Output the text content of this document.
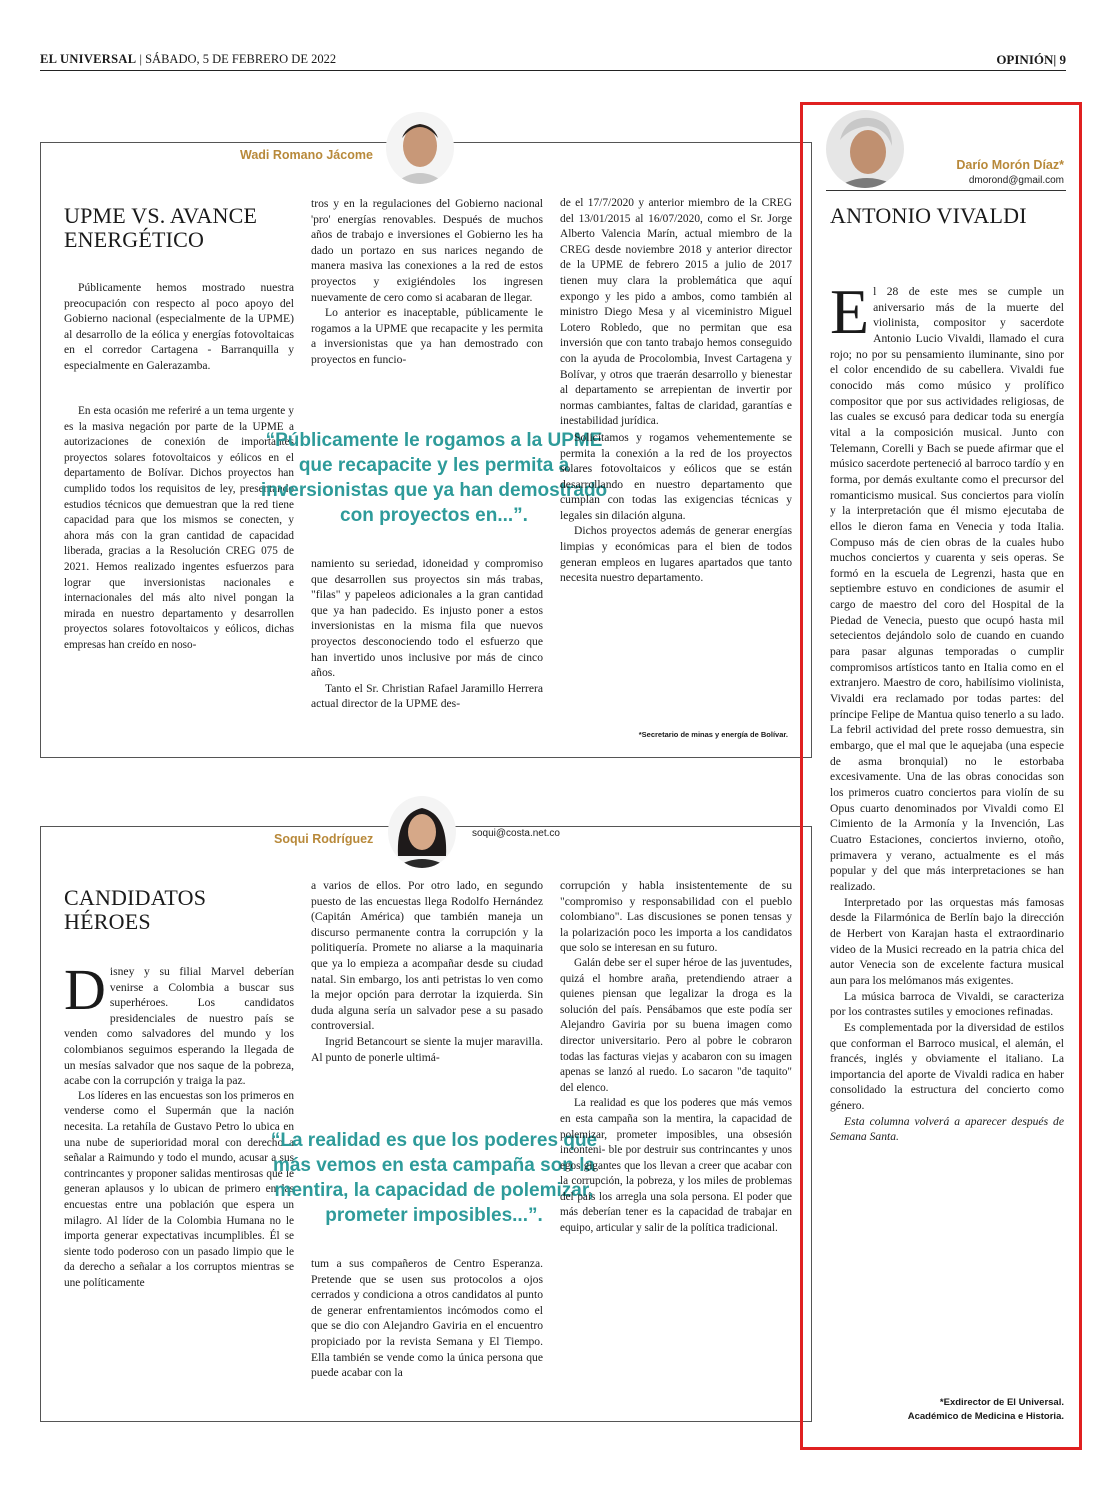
EL UNIVERSAL | SÁBADO, 5 DE FEBRERO DE 2022	OPINIÓN| 9
Wadi Romano Jácome
UPME VS. AVANCE ENERGÉTICO

Públicamente hemos mostrado nuestra preocupación con respecto al poco apoyo del Gobierno nacional (especialmente de la UPME) al desarrollo de la eólica y energías fotovoltaicas en el corredor Cartagena - Barranquilla y especialmente en Galerazamba.

En esta ocasión me referiré a un tema urgente y es la masiva negación por parte de la UPME a autorizaciones de conexión de importantes proyectos solares fotovoltaicos y eólicos en el departamento de Bolívar. Dichos proyectos han cumplido todos los requisitos de ley, presentando estudios técnicos que demuestran que la red tiene capacidad para que los mismos se conecten, y ahora más con la gran cantidad de capacidad liberada, gracias a la Resolución CREG 075 de 2021. Hemos realizado ingentes esfuerzos para lograr que inversionistas nacionales e internacionales del más alto nivel pongan la mirada en nuestro departamento y desarrollen proyectos solares fotovoltaicos y eólicos, dichas empresas han creído en noso-

tros y en la regulaciones del Gobierno nacional 'pro' energías renovables. Después de muchos años de trabajo e inversiones el Gobierno les ha dado un portazo en sus narices negando de manera masiva las conexiones a la red de estos proyectos y exigiéndoles los ingresen nuevamente de cero como si acabaran de llegar.

Lo anterior es inaceptable, públicamente le rogamos a la UPME que recapacite y les permita a inversionistas que ya han demostrado con proyectos en funcio-

“Públicamente le rogamos a la UPME que recapacite y les permita a inversionistas que ya han demostrado con proyectos en...”.

namiento su seriedad, idoneidad y compromiso que desarrollen sus proyectos sin más trabas, "filas" y papeleos adicionales a la gran cantidad que ya han padecido. Es injusto poner a estos inversionistas en la misma fila que nuevos proyectos desconociendo todo el esfuerzo que han invertido unos inclusive por más de cinco años.

Tanto el Sr. Christian Rafael Jaramillo Herrera actual director de la UPME des-

de el 17/7/2020 y anterior miembro de la CREG del 13/01/2015 al 16/07/2020, como el Sr. Jorge Alberto Valencia Marín, actual miembro de la CREG desde noviembre 2018 y anterior director de la UPME de febrero 2015 a julio de 2017 tienen muy clara la problemática que aquí expongo y les pido a ambos, como también al ministro Diego Mesa y al viceministro Miguel Lotero Robledo, que no permitan que esa inversión que con tanto trabajo hemos conseguido con la ayuda de Procolombia, Invest Cartagena y Bolívar, y otros que traerán desarrollo y bienestar al departamento se arrepientan de invertir por normas cambiantes, faltas de claridad, garantías e inestabilidad jurídica.

Solicitamos y rogamos vehementemente se permita la conexión a la red de los proyectos solares fotovoltaicos y eólicos que se están desarrollando en nuestro departamento que cumplan con todas las exigencias técnicas y legales sin dilación alguna.

Dichos proyectos además de generar energías limpias y económicas para el bien de todos generan empleos en lugares apartados que tanto necesita nuestro departamento.

*Secretario de minas y energía de Bolívar.
Soqui Rodríguez	soqui@costa.net.co
CANDIDATOS HÉROES

Disney y su filial Marvel deberían venirse a Colombia a buscar sus superhéroes. Los candidatos presidenciales de nuestro país se venden como salvadores del mundo y los colombianos seguimos esperando la llegada de un mesías salvador que nos saque de la pobreza, acabe con la corrupción y traiga la paz.

Los líderes en las encuestas son los primeros en venderse como el Supermán que la nación necesita. La retahíla de Gustavo Petro lo ubica en una nube de superioridad moral con derecho a señalar a Raimundo y todo el mundo, acusar a sus contrincantes y proponer salidas mentirosas que le generan aplausos y lo ubican de primero en las encuestas entre una población que espera un milagro. Al líder de la Colombia Humana no le importa generar expectativas incumplibles. Él se siente todo poderoso con un pasado limpio que le da derecho a señalar a los corruptos mientras se une políticamente

a varios de ellos. Por otro lado, en segundo puesto de las encuestas llega Rodolfo Hernández (Capitán América) que también maneja un discurso permanente contra la corrupción y la politiquería. Promete no aliarse a la maquinaria que ya lo empieza a acompañar desde su ciudad natal. Sin embargo, los anti petristas lo ven como la mejor opción para derrotar la izquierda. Sin duda alguna sería un salvador pese a su pasado controversial.

Ingrid Betancourt se siente la mujer maravilla. Al punto de ponerle ultimá-

“La realidad es que los poderes que más vemos en esta campaña son la mentira, la capacidad de polemizar, prometer imposibles...”.

tum a sus compañeros de Centro Esperanza. Pretende que se usen sus protocolos a ojos cerrados y condiciona a otros candidatos al punto de generar enfrentamientos incómodos como el que se dio con Alejandro Gaviria en el encuentro propiciado por la revista Semana y El Tiempo. Ella también se vende como la única persona que puede acabar con la

corrupción y habla insistentemente de su "compromiso y responsabilidad con el pueblo colombiano". Las discusiones se ponen tensas y la polarización poco les importa a los candidatos que solo se interesan en su futuro.

Galán debe ser el super héroe de las juventudes, quizá el hombre araña, pretendiendo atraer a quienes piensan que legalizar la droga es la solución del país. Pensábamos que este podía ser Alejandro Gaviria por su buena imagen como director universitario. Pero al pobre le cobraron todas las facturas viejas y acabaron con su imagen apenas se lanzó al ruedo. Lo sacaron "de taquito" del elenco.

La realidad es que los poderes que más vemos en esta campaña son la mentira, la capacidad de polemizar, prometer imposibles, una obsesión inconteni- ble por destruir sus contrincantes y unos egos gigantes que los llevan a creer que acabar con la corrupción, la pobreza, y los miles de problemas del país los arregla una sola persona. El poder que más deberían tener es la capacidad de trabajar en equipo, articular y salir de la política tradicional.

Darío Morón Díaz*
dmorond@gmail.com
ANTONIO VIVALDI

El 28 de este mes se cumple un aniversario más de la muerte del violinista, compositor y sacerdote Antonio Lucio Vivaldi, llamado el cura rojo; no por su pensamiento iluminante, sino por el color encendido de su cabellera. Vivaldi fue conocido más como músico y prolífico compositor que por sus actividades religiosas, de las cuales se excusó para dedicar toda su energía vital a la composición musical. Junto con Telemann, Corelli y Bach se puede afirmar que el músico sacerdote perteneció al barroco tardío y en forma, por demás exultante como el precursor del romanticismo musical. Sus conciertos para violín y la interpretación que él mismo ejecutaba de ellos le dieron fama en Venecia y toda Italia. Compuso más de cien obras de la cuales hubo muchos conciertos y cuarenta y seis operas. Se formó en la escuela de Legrenzi, hasta que en septiembre estuvo en condiciones de asumir el cargo de maestro del coro del Hospital de la Piedad de Venecia, puesto que ocupó hasta mil setecientos dejándolo solo de cuando en cuando para pasar algunas temporadas o cumplir compromisos artísticos tanto en Italia como en el extranjero. Maestro de coro, habilísimo violinista, Vivaldi era reclamado por todas partes: del príncipe Felipe de Mantua quiso tenerlo a su lado. La febril actividad del prete rosso demuestra, sin embargo, que el mal que le aquejaba (una especie de asma bronquial) no le estorbaba excesivamente. Una de las obras conocidas son los primeros cuatro conciertos para violín de su Opus cuarto denominados por Vivaldi como El Cimiento de la Armonía y la Invención, Las Cuatro Estaciones, conciertos invierno, otoño, primavera y verano, actualmente es el más popular y del que más interpretaciones se han realizado.

Interpretado por las orquestas más famosas desde la Filarmónica de Berlín bajo la dirección de Herbert von Karajan hasta el extraordinario video de la Musici recreado en la patria chica del autor Venecia son de excelente factura musical aun para los melómanos más exigentes.

La música barroca de Vivaldi, se caracteriza por los contrastes sutiles y emociones refinadas.

Es complementada por la diversidad de estilos que conforman el Barroco musical, el alemán, el francés, inglés y obviamente el italiano. La importancia del aporte de Vivaldi radica en haber consolidado la estructura del concierto como género.

Esta columna volverá a aparecer después de Semana Santa.

*Exdirector de El Universal.
Académico de Medicina e Historia.
